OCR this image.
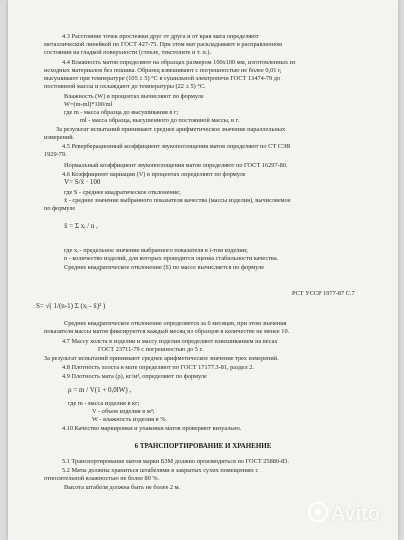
4.3 Расстояние точек простежки друг от друга и от края мата определяют
металлической линейкой по ГОСТ 427-75. При этом мат раскладывают в расправленном
состоянии на гладкой поверхности (стекле, текстолите и т. п.).
4.4 Влажность матов определяют на образцах размером 100х100 мм, изготовленных из
исходных материалов без пошива. Образец взвешивают с погрешностью не более 0,01 г,
высушивают при температуре (105 ± 5) °С в сушильной электропечи ГОСТ 13474-79 до
постоянной массы и охлаждают до температуры (22 ± 5) °С.
Влажность (W) в процентах вычисляют по формуле
W=(m-ml)*100/ml
где m - масса образца до высушивания в г;
ml - масса образца, высушенного до постоянной массы, в г.
За результат испытаний принимают среднее арифметическое значение параллельных
измерений.
4.5 Реверберационный коэффициент звукопоглощения матов определяют по СТ СЭВ
1929-79.
Нормальный коэффициент звукопоглощения матов определяют по ГОСТ 16297-80.
4.6 Коэффициент вариации (V) в процентах определяют по формуле
V= S/x̄ · 100
где S - среднее квадратическое отклонение;
x̄ - среднее значение выбранного показателя качества (массы изделия), вычисляемое
по формуле
x̄ = Σ xᵢ / n ,
где xᵢ - предельное значение выбранного показателя в i-том изделии;
n - количество изделий, для которых проводится оценка стабильности качества.
Среднее квадратическое отклонение (S) по массе вычисляется по формуле
РСТ УССР 1977-87 С.7
S= √( 1/(n-1) Σ (xᵢ - x̄)² )
Среднее квадратическое отклонение определяется за 6 месяцев, при этом значения
показателя массы матов фиксируются каждый месяц из образцов в количестве не менее 10.
4.7 Массу холста в изделии и массу изделия определяют взвешиванием на весах
ГОСТ 23711-79 с погрешностью до 5 г.
За результат испытаний принимают среднее арифметическое значение трех измерений.
4.8 Плотность холста в мате определяют по ГОСТ 17177.3-81, раздел 2.
4.9 Плотность мата (ρ), кг/м³, определяют по формуле
ρ = m / V(1 + 0,0lW) ,
где m - масса изделия в кг;
V - объем изделия в м³;
W - влажность изделия в %.
4.10 Качество маркировки и упаковки матов проверяют визуально.
6 ТРАНСПОРТИРОВАНИЕ И ХРАНЕНИЕ
5.1 Транспортирование матов марки БЗМ должно производиться по ГОСТ 25880-83.
5.2 Маты должны храниться штабелями в закрытых сухих помещениях с
относительной влажностью не более 80 %.
Высота штабеля должна быть не более 2 м.
Avito
